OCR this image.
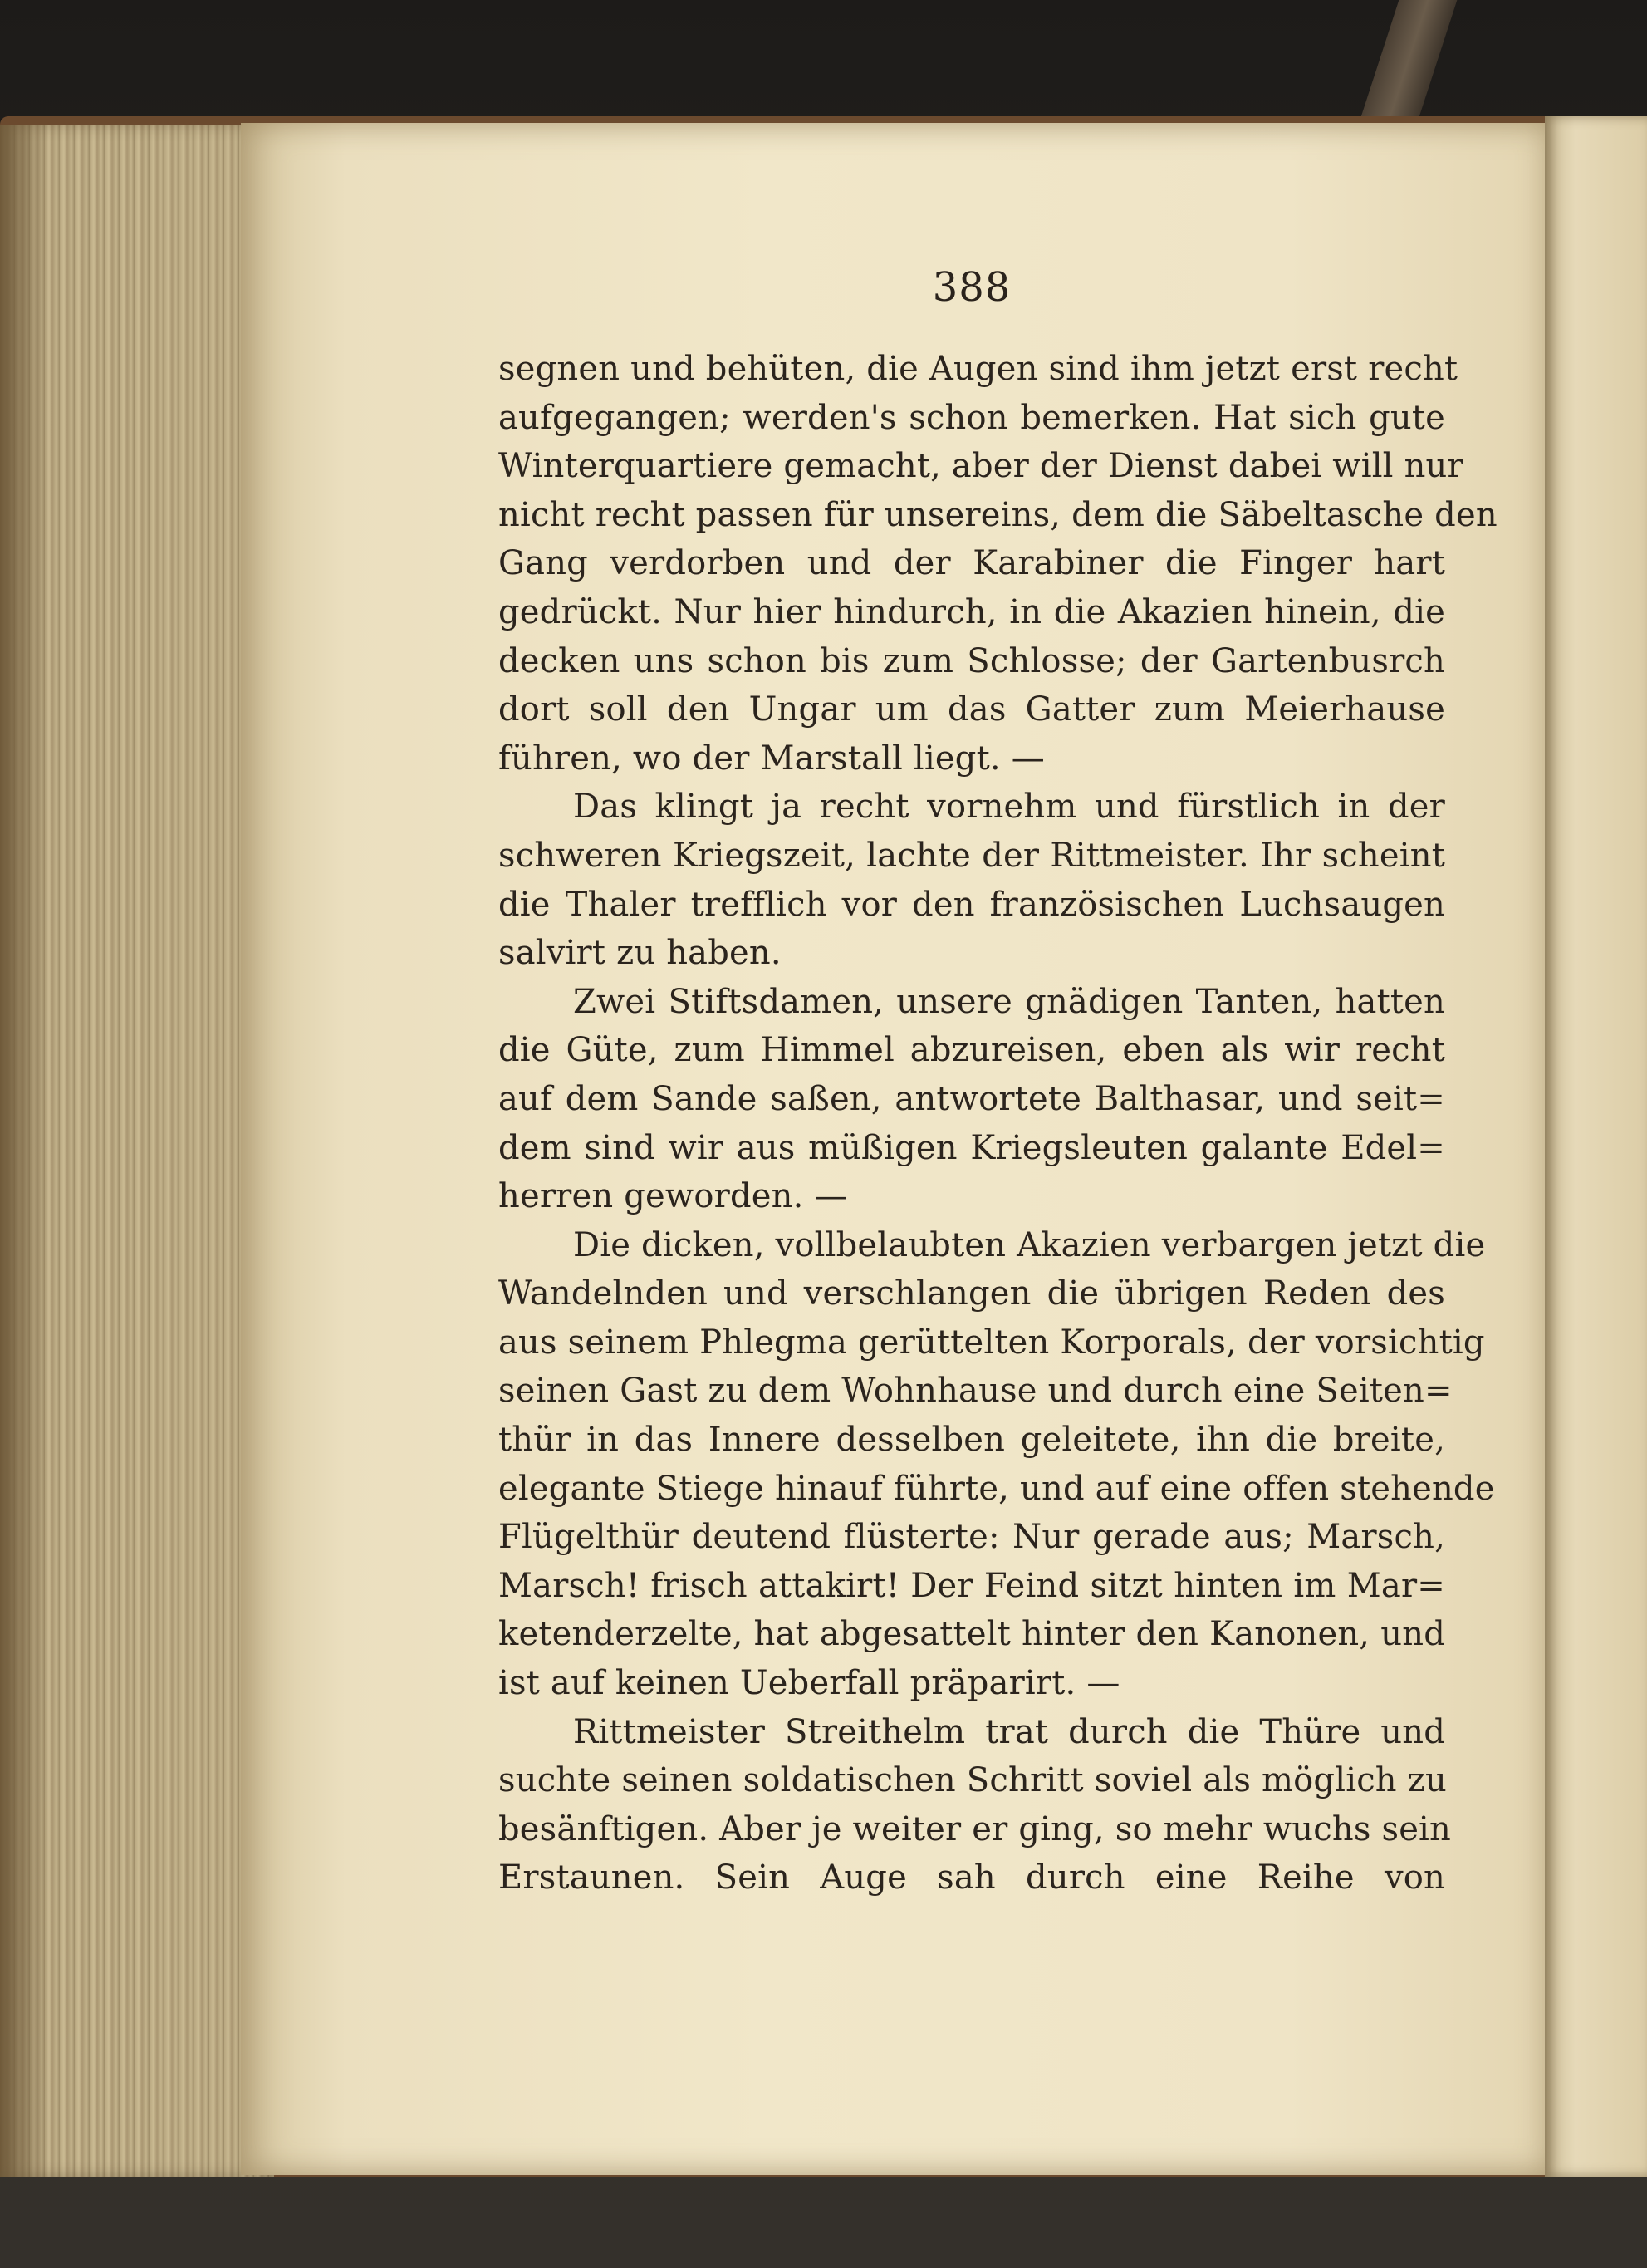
388
segnen und behüten, die Augen sind ihm jetzt erst recht
aufgegangen; werden's schon bemerken. Hat sich gute
Winterquartiere gemacht, aber der Dienst dabei will nur
nicht recht passen für unsereins, dem die Säbeltasche den
Gang verdorben und der Karabiner die Finger hart
gedrückt. Nur hier hindurch, in die Akazien hinein, die
decken uns schon bis zum Schlosse; der Gartenbusrch
dort soll den Ungar um das Gatter zum Meierhause
führen, wo der Marstall liegt. —
Das klingt ja recht vornehm und fürstlich in der
schweren Kriegszeit, lachte der Rittmeister. Ihr scheint
die Thaler trefflich vor den französischen Luchsaugen
salvirt zu haben.
Zwei Stiftsdamen, unsere gnädigen Tanten, hatten
die Güte, zum Himmel abzureisen, eben als wir recht
auf dem Sande saßen, antwortete Balthasar, und seit=
dem sind wir aus müßigen Kriegsleuten galante Edel=
herren geworden. —
Die dicken, vollbelaubten Akazien verbargen jetzt die
Wandelnden und verschlangen die übrigen Reden des
aus seinem Phlegma gerüttelten Korporals, der vorsichtig
seinen Gast zu dem Wohnhause und durch eine Seiten=
thür in das Innere desselben geleitete, ihn die breite,
elegante Stiege hinauf führte, und auf eine offen stehende
Flügelthür deutend flüsterte: Nur gerade aus; Marsch,
Marsch! frisch attakirt! Der Feind sitzt hinten im Mar=
ketenderzelte, hat abgesattelt hinter den Kanonen, und
ist auf keinen Ueberfall präparirt. —
Rittmeister Streithelm trat durch die Thüre und
suchte seinen soldatischen Schritt soviel als möglich zu
besänftigen. Aber je weiter er ging, so mehr wuchs sein
Erstaunen. Sein Auge sah durch eine Reihe von
